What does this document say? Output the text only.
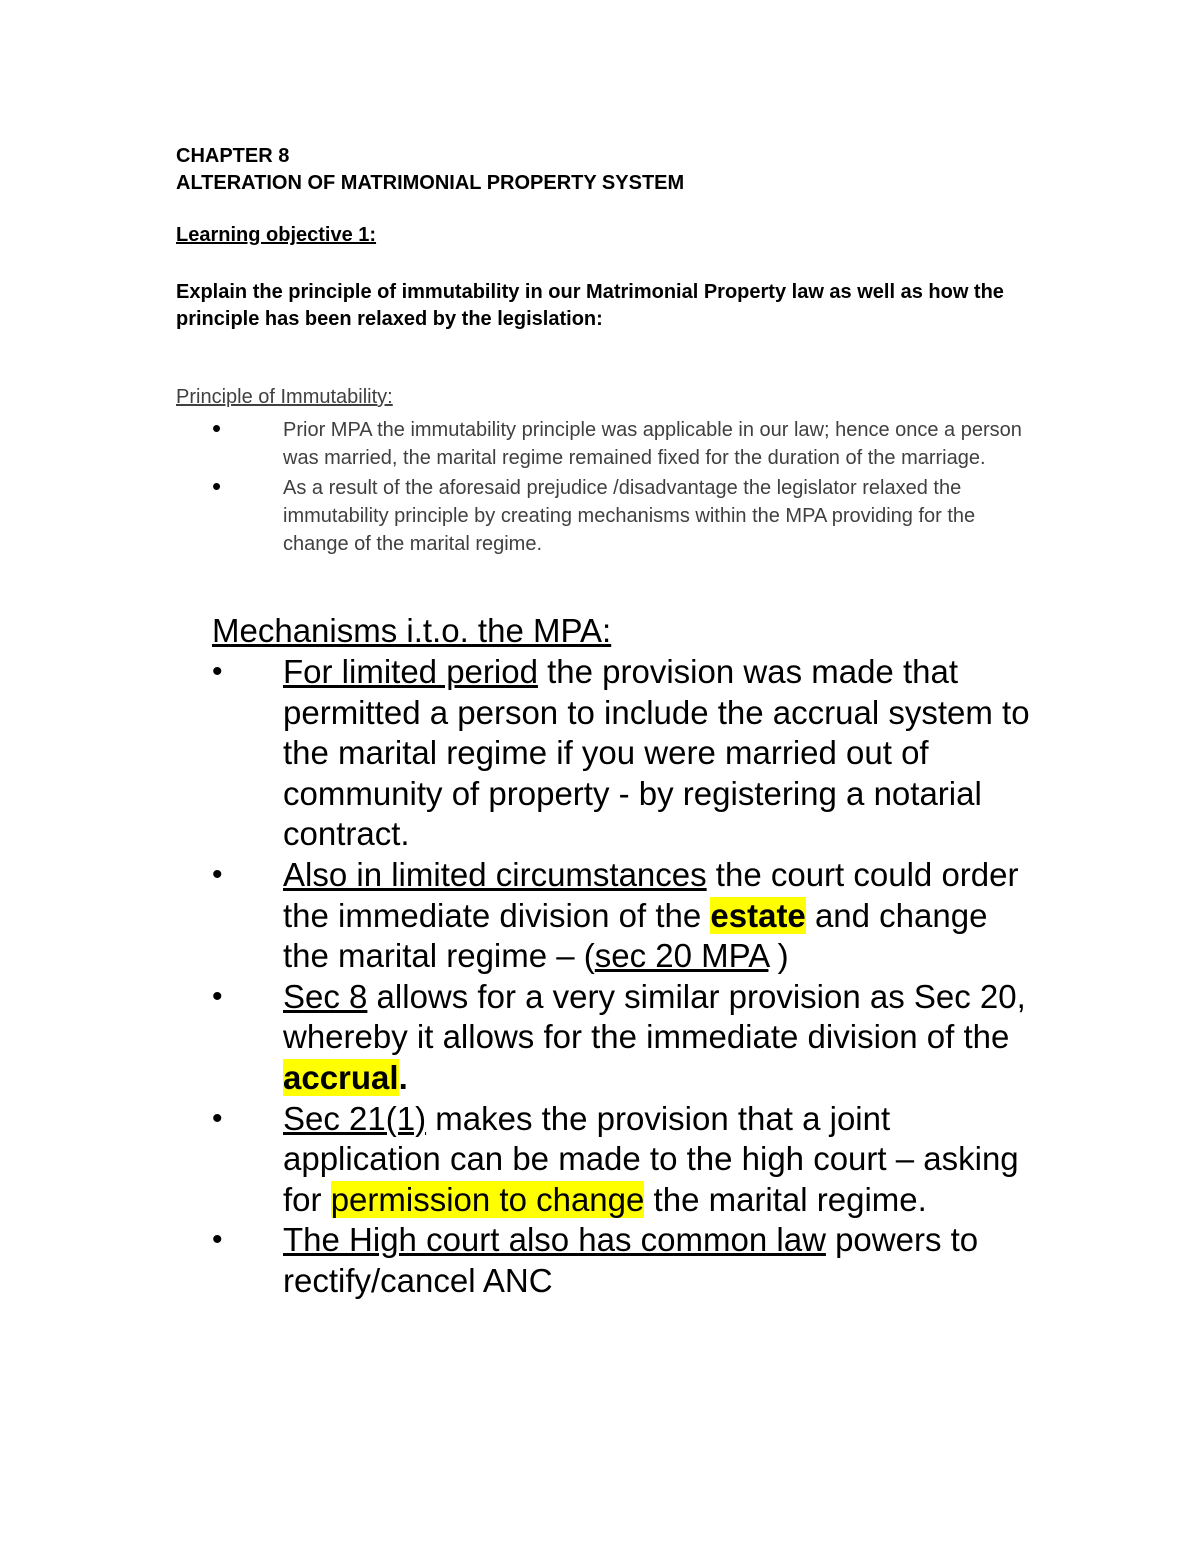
CHAPTER 8
ALTERATION OF MATRIMONIAL PROPERTY SYSTEM
Learning objective 1:
Explain the principle of immutability in our Matrimonial Property law as well as how the principle has been relaxed by the legislation:
Principle of Immutability:
•	Prior MPA the immutability principle was applicable in our law; hence once a person was married, the marital regime remained fixed for the duration of the marriage.
•	As a result of the aforesaid prejudice /disadvantage the legislator relaxed the immutability principle by creating mechanisms within the MPA providing for the change of the marital regime.
Mechanisms i.t.o. the MPA:
• For limited period the provision was made that permitted a person to include the accrual system to the marital regime if you were married out of community of property - by registering a notarial contract.
• Also in limited circumstances the court could order the immediate division of the estate and change the marital regime – (sec 20 MPA )
• Sec 8 allows for a very similar provision as Sec 20, whereby it allows for the immediate division of the accrual.
• Sec 21(1) makes the provision that a joint application can be made to the high court – asking for permission to change the marital regime.
• The High court also has common law powers to rectify/cancel ANC
